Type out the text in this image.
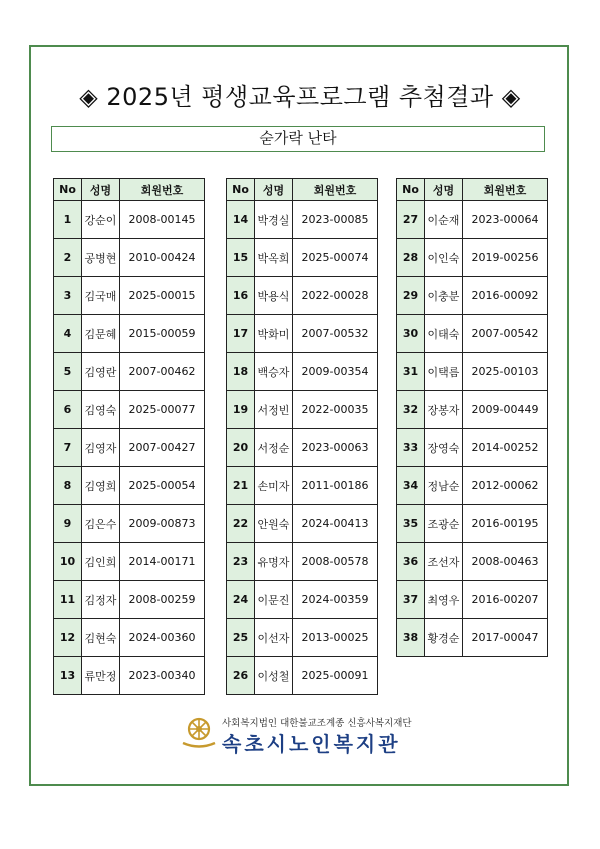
◈ 2025년 평생교육프로그램 추첨결과 ◈
숟가락 난타
No	성명	회원번호
1	강순이	2008-00145
2	공병현	2010-00424
3	김국매	2025-00015
4	김문혜	2015-00059
5	김영란	2007-00462
6	김영숙	2025-00077
7	김영자	2007-00427
8	김영희	2025-00054
9	김은수	2009-00873
10	김인희	2014-00171
11	김정자	2008-00259
12	김현숙	2024-00360
13	류만정	2023-00340
No	성명	회원번호
14	박경실	2023-00085
15	박옥희	2025-00074
16	박용식	2022-00028
17	박화미	2007-00532
18	백승자	2009-00354
19	서정빈	2022-00035
20	서정순	2023-00063
21	손미자	2011-00186
22	안원숙	2024-00413
23	유명자	2008-00578
24	이문진	2024-00359
25	이선자	2013-00025
26	이성철	2025-00091
No	성명	회원번호
27	이순재	2023-00064
28	이인숙	2019-00256
29	이충분	2016-00092
30	이태숙	2007-00542
31	이택름	2025-00103
32	장봉자	2009-00449
33	장영숙	2014-00252
34	정남순	2012-00062
35	조광순	2016-00195
36	조선자	2008-00463
37	최영우	2016-00207
38	황경순	2017-00047
사회복지법인 대한불교조계종 신흥사복지재단
속초시노인복지관
